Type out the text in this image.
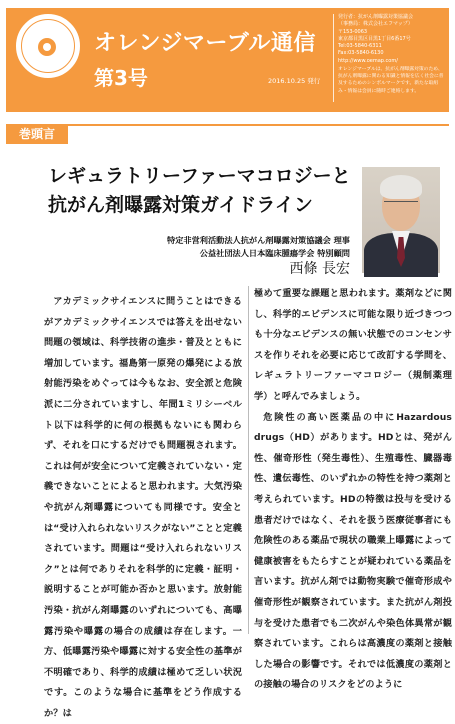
オレンジマーブル通信
第3号	2016.10.25 発行
発行者：抗がん剤曝露対策協議会
（事務局：株式会社エフマップ）
〒153-0063
東京都目黒区目黒1丁目6番17号
Tel:03-5840-6311
Fax:03-5840-6130
http://www.oemap.com/
オレンジマーブルは、抗がん剤曝露対策のため、抗がん剤曝露に関わる知識と情報を広く社会に普及するためのシンボルマークです。新たな取組み・情報は会員に随時ご連絡します。
巻頭言
レギュラトリーファーマコロジーと
抗がん剤曝露対策ガイドライン
特定非営利活動法人抗がん剤曝露対策協議会 理事
公益社団法人日本臨床腫瘍学会 特別顧問
西條 長宏

アカデミックサイエンスに問うことはできるがアカデミックサイエンスでは答えを出せない問題の領域は、科学技術の進歩・普及とともに増加しています。福島第一原発の爆発による放射能汚染をめぐっては今もなお、安全派と危険派に二分されていますし、年間1ミリシーベルト以下は科学的に何の根拠もないにも関わらず、それを口にするだけでも問題視されます。これは何が安全について定義されていない・定義できないことによると思われます。大気汚染や抗がん剤曝露についても同様です。安全とは“受け入れられないリスクがない”ことと定義されています。問題は“受け入れられないリスク”とは何でありそれを科学的に定義・証明・説明することが可能か否かと思います。放射能汚染・抗がん剤曝露のいずれについても、高曝露汚染や曝露の場合の成績は存在します。一方、低曝露汚染や曝露に対する安全性の基準が不明確であり、科学的成績は極めて乏しい状況です。このような場合に基準をどう作成するか？は

極めて重要な課題と思われます。薬剤などに関し、科学的エビデンスに可能な限り近づきつつも十分なエビデンスの無い状態でのコンセンサスを作りそれを必要に応じて改訂する学問を、レギュラトリーファーマコロジー（規制薬理学）と呼んでみましょう。

危険性の高い医薬品の中にHazardous drugs（HD）があります。HDとは、発がん性、催奇形性（発生毒性）、生殖毒性、臓器毒性、遺伝毒性、のいずれかの特性を持つ薬剤と考えられています。HDの特徴は投与を受ける患者だけではなく、それを扱う医療従事者にも危険性のある薬品で現状の職業上曝露によって健康被害をもたらすことが疑われている薬品を言います。抗がん剤では動物実験で催奇形成や催奇形性が観察されています。また抗がん剤投与を受けた患者でも二次がんや染色体異常が観察されています。これらは高濃度の薬剤と接触した場合の影響です。それでは低濃度の薬剤との接触の場合のリスクをどのように
